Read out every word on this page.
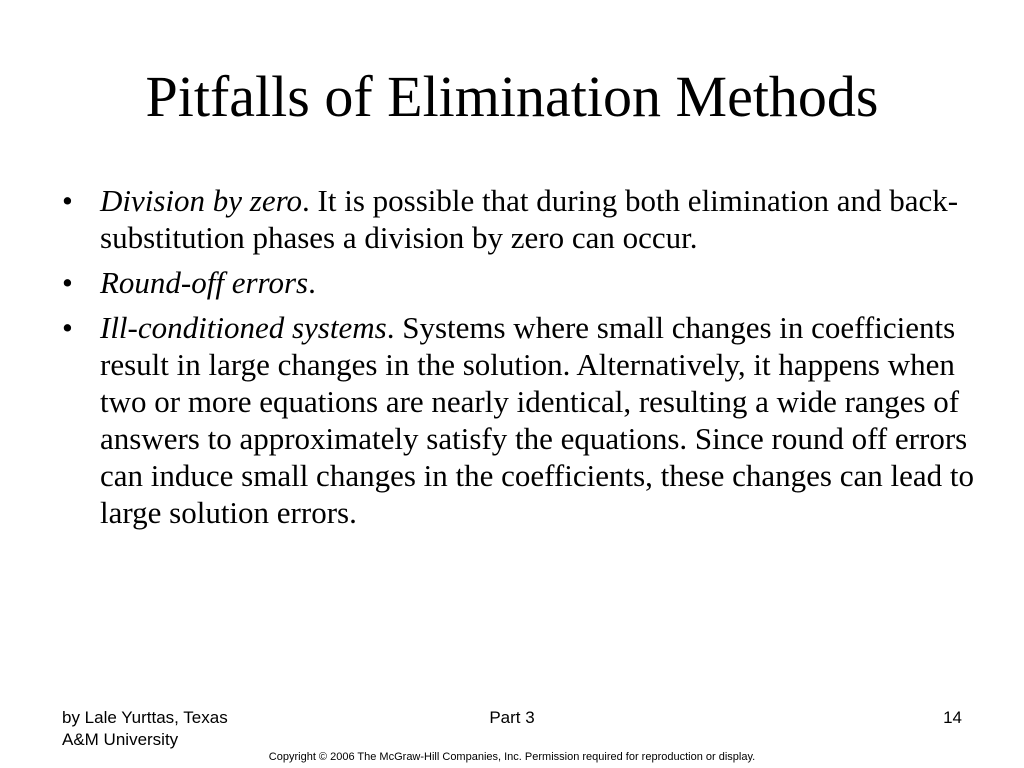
Pitfalls of Elimination Methods
• Division by zero. It is possible that during both elimination and back-substitution phases a division by zero can occur.
• Round-off errors.
• Ill-conditioned systems. Systems where small changes in coefficients result in large changes in the solution. Alternatively, it happens when two or more equations are nearly identical, resulting a wide ranges of answers to approximately satisfy the equations. Since round off errors can induce small changes in the coefficients, these changes can lead to large solution errors.
by Lale Yurttas, Texas
A&M University
Part 3	14
Copyright © 2006 The McGraw-Hill Companies, Inc. Permission required for reproduction or display.
